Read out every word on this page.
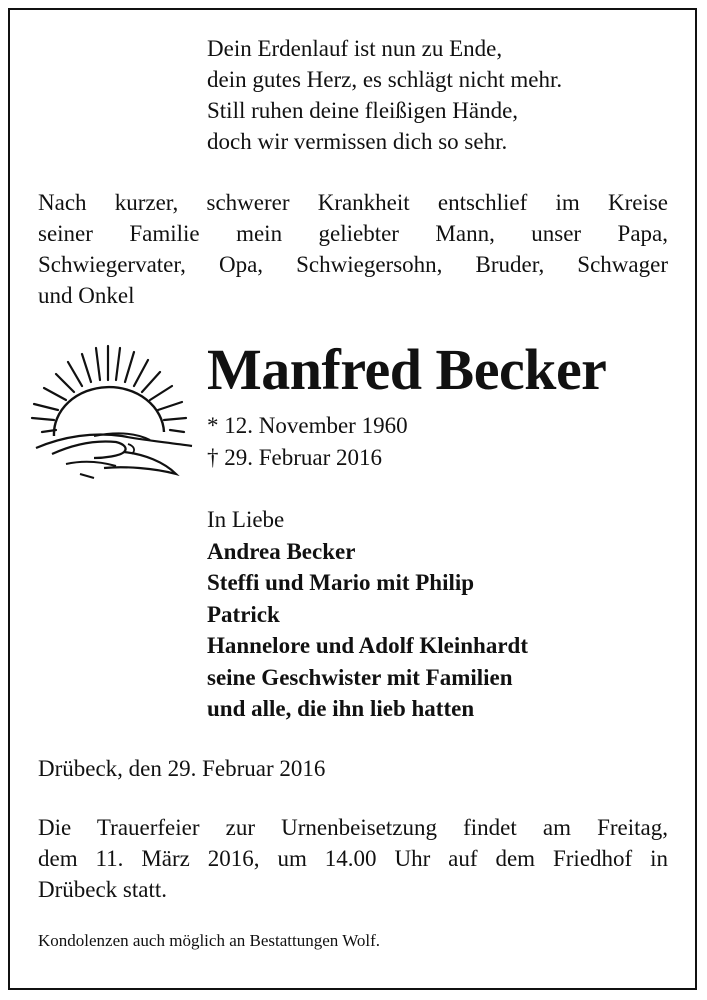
Dein Erdenlauf ist nun zu Ende,
dein gutes Herz, es schlägt nicht mehr.
Still ruhen deine fleißigen Hände,
doch wir vermissen dich so sehr.
Nach kurzer, schwerer Krankheit entschlief im Kreise
seiner Familie mein geliebter Mann, unser Papa,
Schwiegervater, Opa, Schwiegersohn, Bruder, Schwager
und Onkel
Manfred Becker
* 12. November 1960
† 29. Februar 2016
In Liebe
Andrea Becker
Steffi und Mario mit Philip
Patrick
Hannelore und Adolf Kleinhardt
seine Geschwister mit Familien
und alle, die ihn lieb hatten
Drübeck, den 29. Februar 2016
Die Trauerfeier zur Urnenbeisetzung findet am Freitag,
dem 11. März 2016, um 14.00 Uhr auf dem Friedhof in
Drübeck statt.
Kondolenzen auch möglich an Bestattungen Wolf.
